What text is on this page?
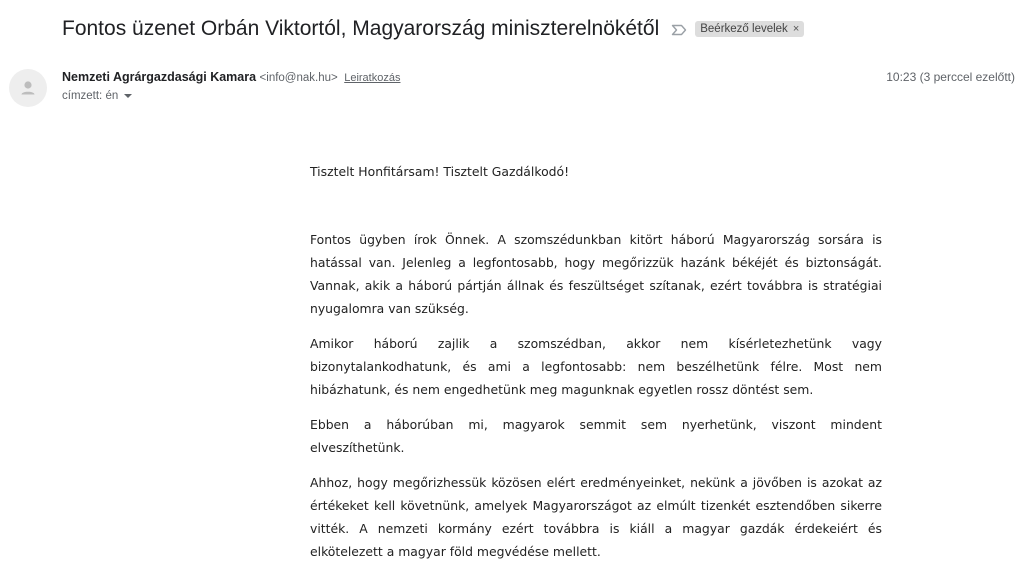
Fontos üzenet Orbán Viktortól, Magyarország miniszterelnökétől	Beérkező levelek ×
Nemzeti Agrárgazdasági Kamara <info@nak.hu> Leiratkozás
címzett: én
10:23 (3 perccel ezelőtt)

Tisztelt Honfitársam! Tisztelt Gazdálkodó!

Fontos ügyben írok Önnek. A szomszédunkban kitört háború Magyarország sorsára is hatással van. Jelenleg a legfontosabb, hogy megőrizzük hazánk békéjét és biztonságát. Vannak, akik a háború pártján állnak és feszültséget szítanak, ezért továbbra is stratégiai nyugalomra van szükség.

Amikor háború zajlik a szomszédban, akkor nem kísérletezhetünk vagy bizonytalankodhatunk, és ami a legfontosabb: nem beszélhetünk félre. Most nem hibázhatunk, és nem engedhetünk meg magunknak egyetlen rossz döntést sem.

Ebben a háborúban mi, magyarok semmit sem nyerhetünk, viszont mindent elveszíthetünk.

Ahhoz, hogy megőrizhessük közösen elért eredményeinket, nekünk a jövőben is azokat az értékeket kell követnünk, amelyek Magyarországot az elmúlt tizenkét esztendőben sikerre vitték. A nemzeti kormány ezért továbbra is kiáll a magyar gazdák érdekeiért és elkötelezett a magyar föld megvédése mellett.
